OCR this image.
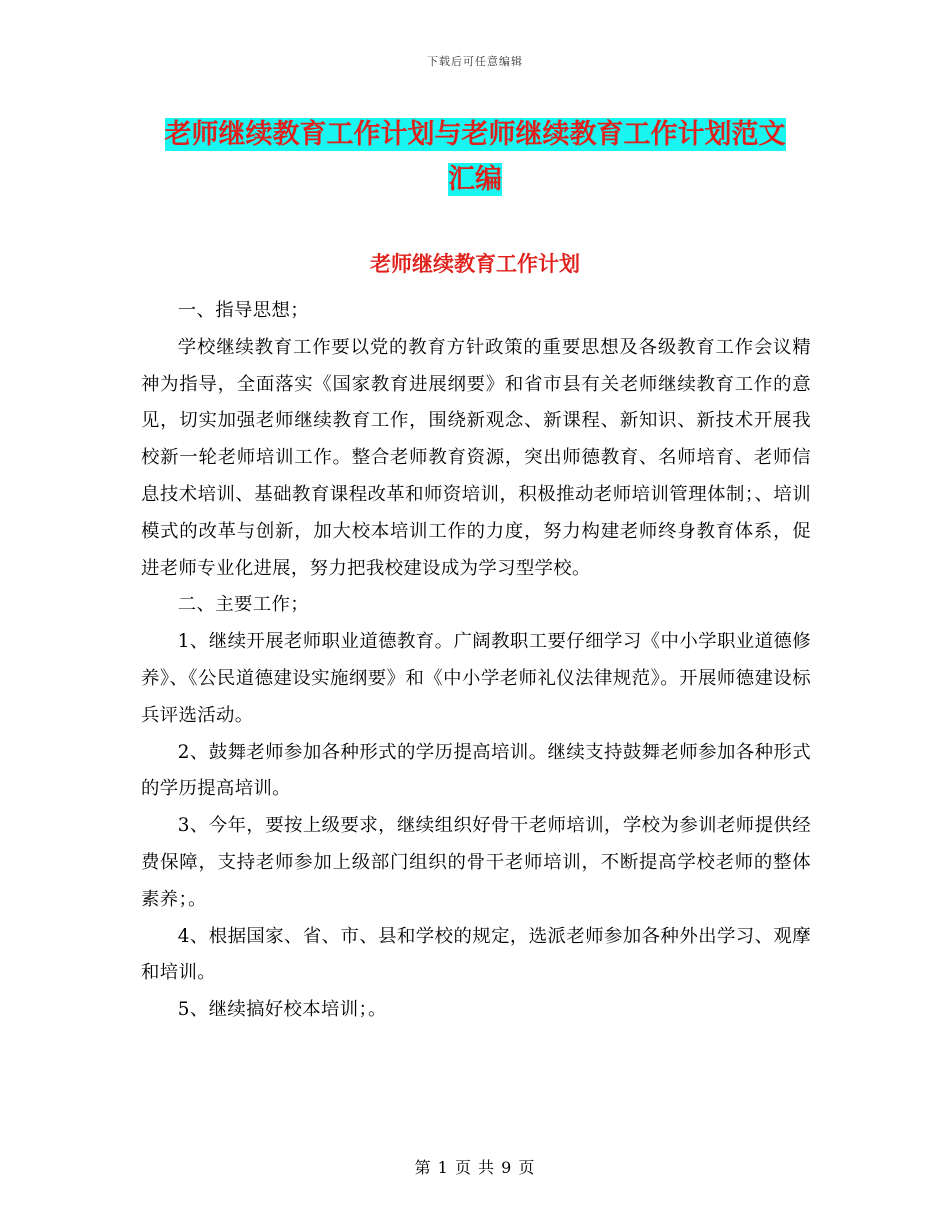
下载后可任意编辑
老师继续教育工作计划与老师继续教育工作计划范文
汇编
老师继续教育工作计划

一、指导思想；

学校继续教育工作要以党的教育方针政策的重要思想及各级教育工作会议精神为指导，全面落实《国家教育进展纲要》和省市县有关老师继续教育工作的意见，切实加强老师继续教育工作，围绕新观念、新课程、新知识、新技术开展我校新一轮老师培训工作。整合老师教育资源，突出师德教育、名师培育、老师信息技术培训、基础教育课程改革和师资培训，积极推动老师培训管理体制；、培训模式的改革与创新，加大校本培训工作的力度，努力构建老师终身教育体系，促进老师专业化进展，努力把我校建设成为学习型学校。

二、主要工作；

1、继续开展老师职业道德教育。广阔教职工要仔细学习《中小学职业道德修养》、《公民道德建设实施纲要》和《中小学老师礼仪法律规范》。开展师德建设标兵评选活动。

2、鼓舞老师参加各种形式的学历提高培训。继续支持鼓舞老师参加各种形式的学历提高培训。

3、今年，要按上级要求，继续组织好骨干老师培训，学校为参训老师提供经费保障，支持老师参加上级部门组织的骨干老师培训，不断提高学校老师的整体素养；。

4、根据国家、省、市、县和学校的规定，选派老师参加各种外出学习、观摩和培训。

5、继续搞好校本培训；。

第 1 页 共 9 页
